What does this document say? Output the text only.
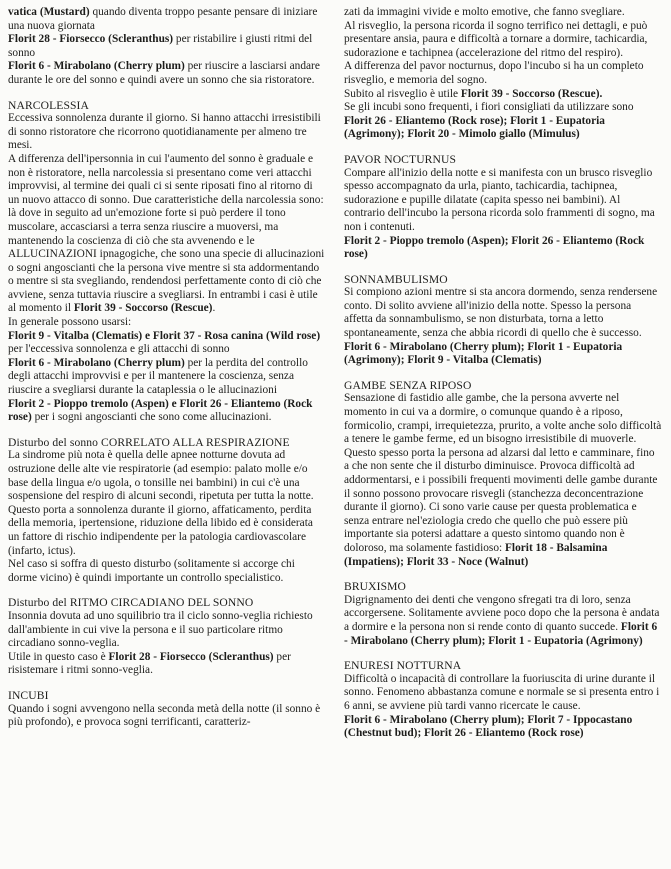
vatica (Mustard) quando diventa troppo pesante pensare di iniziare una nuova giornata

Florit 28 - Fiorsecco (Scleranthus) per ristabilire i giusti ritmi del sonno

Florit 6 - Mirabolano (Cherry plum) per riuscire a lasciarsi andare durante le ore del sonno e quindi avere un sonno che sia ristoratore.

NARCOLESSIA

Eccessiva sonnolenza durante il giorno. Si hanno attacchi irresistibili di sonno ristoratore che ricorrono quotidianamente per almeno tre mesi.

A differenza dell'ipersonnia in cui l'aumento del sonno è graduale e non è ristoratore, nella narcolessia si presentano come veri attacchi improvvisi, al termine dei quali ci si sente riposati fino al ritorno di un nuovo attacco di sonno. Due caratteristiche della narcolessia sono: là dove in seguito ad un'emozione forte si può perdere il tono muscolare, accasciarsi a terra senza riuscire a muoversi, ma mantenendo la coscienza di ciò che sta avvenendo e le ALLUCINAZIONI ipnagogiche, che sono una specie di allucinazioni o sogni angoscianti che la persona vive mentre si sta addormentando o mentre si sta svegliando, rendendosi perfettamente conto di ciò che avviene, senza tuttavia riuscire a svegliarsi. In entrambi i casi è utile al momento il Florit 39 - Soccorso (Rescue).

In generale possono usarsi:

Florit 9 - Vitalba (Clematis) e Florit 37 - Rosa canina (Wild rose) per l'eccessiva sonnolenza e gli attacchi di sonno

Florit 6 - Mirabolano (Cherry plum) per la perdita del controllo degli attacchi improvvisi e per il mantenere la coscienza, senza riuscire a svegliarsi durante la cataplessia o le allucinazioni

Florit 2 - Pioppo tremolo (Aspen) e Florit 26 - Eliantemo (Rock rose) per i sogni angoscianti che sono come allucinazioni.

Disturbo del sonno CORRELATO ALLA RESPIRAZIONE

La sindrome più nota è quella delle apnee notturne dovuta ad ostruzione delle alte vie respiratorie (ad esempio: palato molle e/o base della lingua e/o ugola, o tonsille nei bambini) in cui c'è una sospensione del respiro di alcuni secondi, ripetuta per tutta la notte. Questo porta a sonnolenza durante il giorno, affaticamento, perdita della memoria, ipertensione, riduzione della libido ed è considerata un fattore di rischio indipendente per la patologia cardiovascolare (infarto, ictus).

Nel caso si soffra di questo disturbo (solitamente si accorge chi dorme vicino) è quindi importante un controllo specialistico.

Disturbo del RITMO CIRCADIANO DEL SONNO

Insonnia dovuta ad uno squilibrio tra il ciclo sonno-veglia richiesto dall'ambiente in cui vive la persona e il suo particolare ritmo circadiano sonno-veglia.

Utile in questo caso è Florit 28 - Fiorsecco (Scleranthus) per risistemare i ritmi sonno-veglia.

INCUBI

Quando i sogni avvengono nella seconda metà della notte (il sonno è più profondo), e provoca sogni terrificanti, caratteriz-

zati da immagini vivide e molto emotive, che fanno svegliare.

Al risveglio, la persona ricorda il sogno terrifico nei dettagli, e può presentare ansia, paura e difficoltà a tornare a dormire, tachicardia, sudorazione e tachipnea (accelerazione del ritmo del respiro).

A differenza del pavor nocturnus, dopo l'incubo si ha un completo risveglio, e memoria del sogno.

Subito al risveglio è utile Florit 39 - Soccorso (Rescue).

Se gli incubi sono frequenti, i fiori consigliati da utilizzare sono Florit 26 - Eliantemo (Rock rose); Florit 1 - Eupatoria (Agrimony); Florit 20 - Mimolo giallo (Mimulus)

PAVOR NOCTURNUS

Compare all'inizio della notte e si manifesta con un brusco risveglio spesso accompagnato da urla, pianto, tachicardia, tachipnea, sudorazione e pupille dilatate (capita spesso nei bambini). Al contrario dell'incubo la persona ricorda solo frammenti di sogno, ma non i contenuti.

Florit 2 - Pioppo tremolo (Aspen); Florit 26 - Eliantemo (Rock rose)

SONNAMBULISMO

Si compiono azioni mentre si sta ancora dormendo, senza rendersene conto. Di solito avviene all'inizio della notte. Spesso la persona affetta da sonnambulismo, se non disturbata, torna a letto spontaneamente, senza che abbia ricordi di quello che è successo.

Florit 6 - Mirabolano (Cherry plum); Florit 1 - Eupatoria (Agrimony); Florit 9 - Vitalba (Clematis)

GAMBE SENZA RIPOSO

Sensazione di fastidio alle gambe, che la persona avverte nel momento in cui va a dormire, o comunque quando è a riposo, formicolio, crampi, irrequietezza, prurito, a volte anche solo difficoltà a tenere le gambe ferme, ed un bisogno irresistibile di muoverle. Questo spesso porta la persona ad alzarsi dal letto e camminare, fino a che non sente che il disturbo diminuisce. Provoca difficoltà ad addormentarsi, e i possibili frequenti movimenti delle gambe durante il sonno possono provocare risvegli (stanchezza deconcentrazione durante il giorno). Ci sono varie cause per questa problematica e senza entrare nel'eziologia credo che quello che può essere più importante sia potersi adattare a questo sintomo quando non è doloroso, ma solamente fastidioso: Florit 18 - Balsamina (Impatiens); Florit 33 - Noce (Walnut)

BRUXISMO

Digrignamento dei denti che vengono sfregati tra di loro, senza accorgersene. Solitamente avviene poco dopo che la persona è andata a dormire e la persona non si rende conto di quanto succede. Florit 6 - Mirabolano (Cherry plum); Florit 1 - Eupatoria (Agrimony)

ENURESI NOTTURNA

Difficoltà o incapacità di controllare la fuoriuscita di urine durante il sonno. Fenomeno abbastanza comune e normale se si presenta entro i 6 anni, se avviene più tardi vanno ricercate le cause.

Florit 6 - Mirabolano (Cherry plum); Florit 7 - Ippocastano (Chestnut bud); Florit 26 - Eliantemo (Rock rose)
